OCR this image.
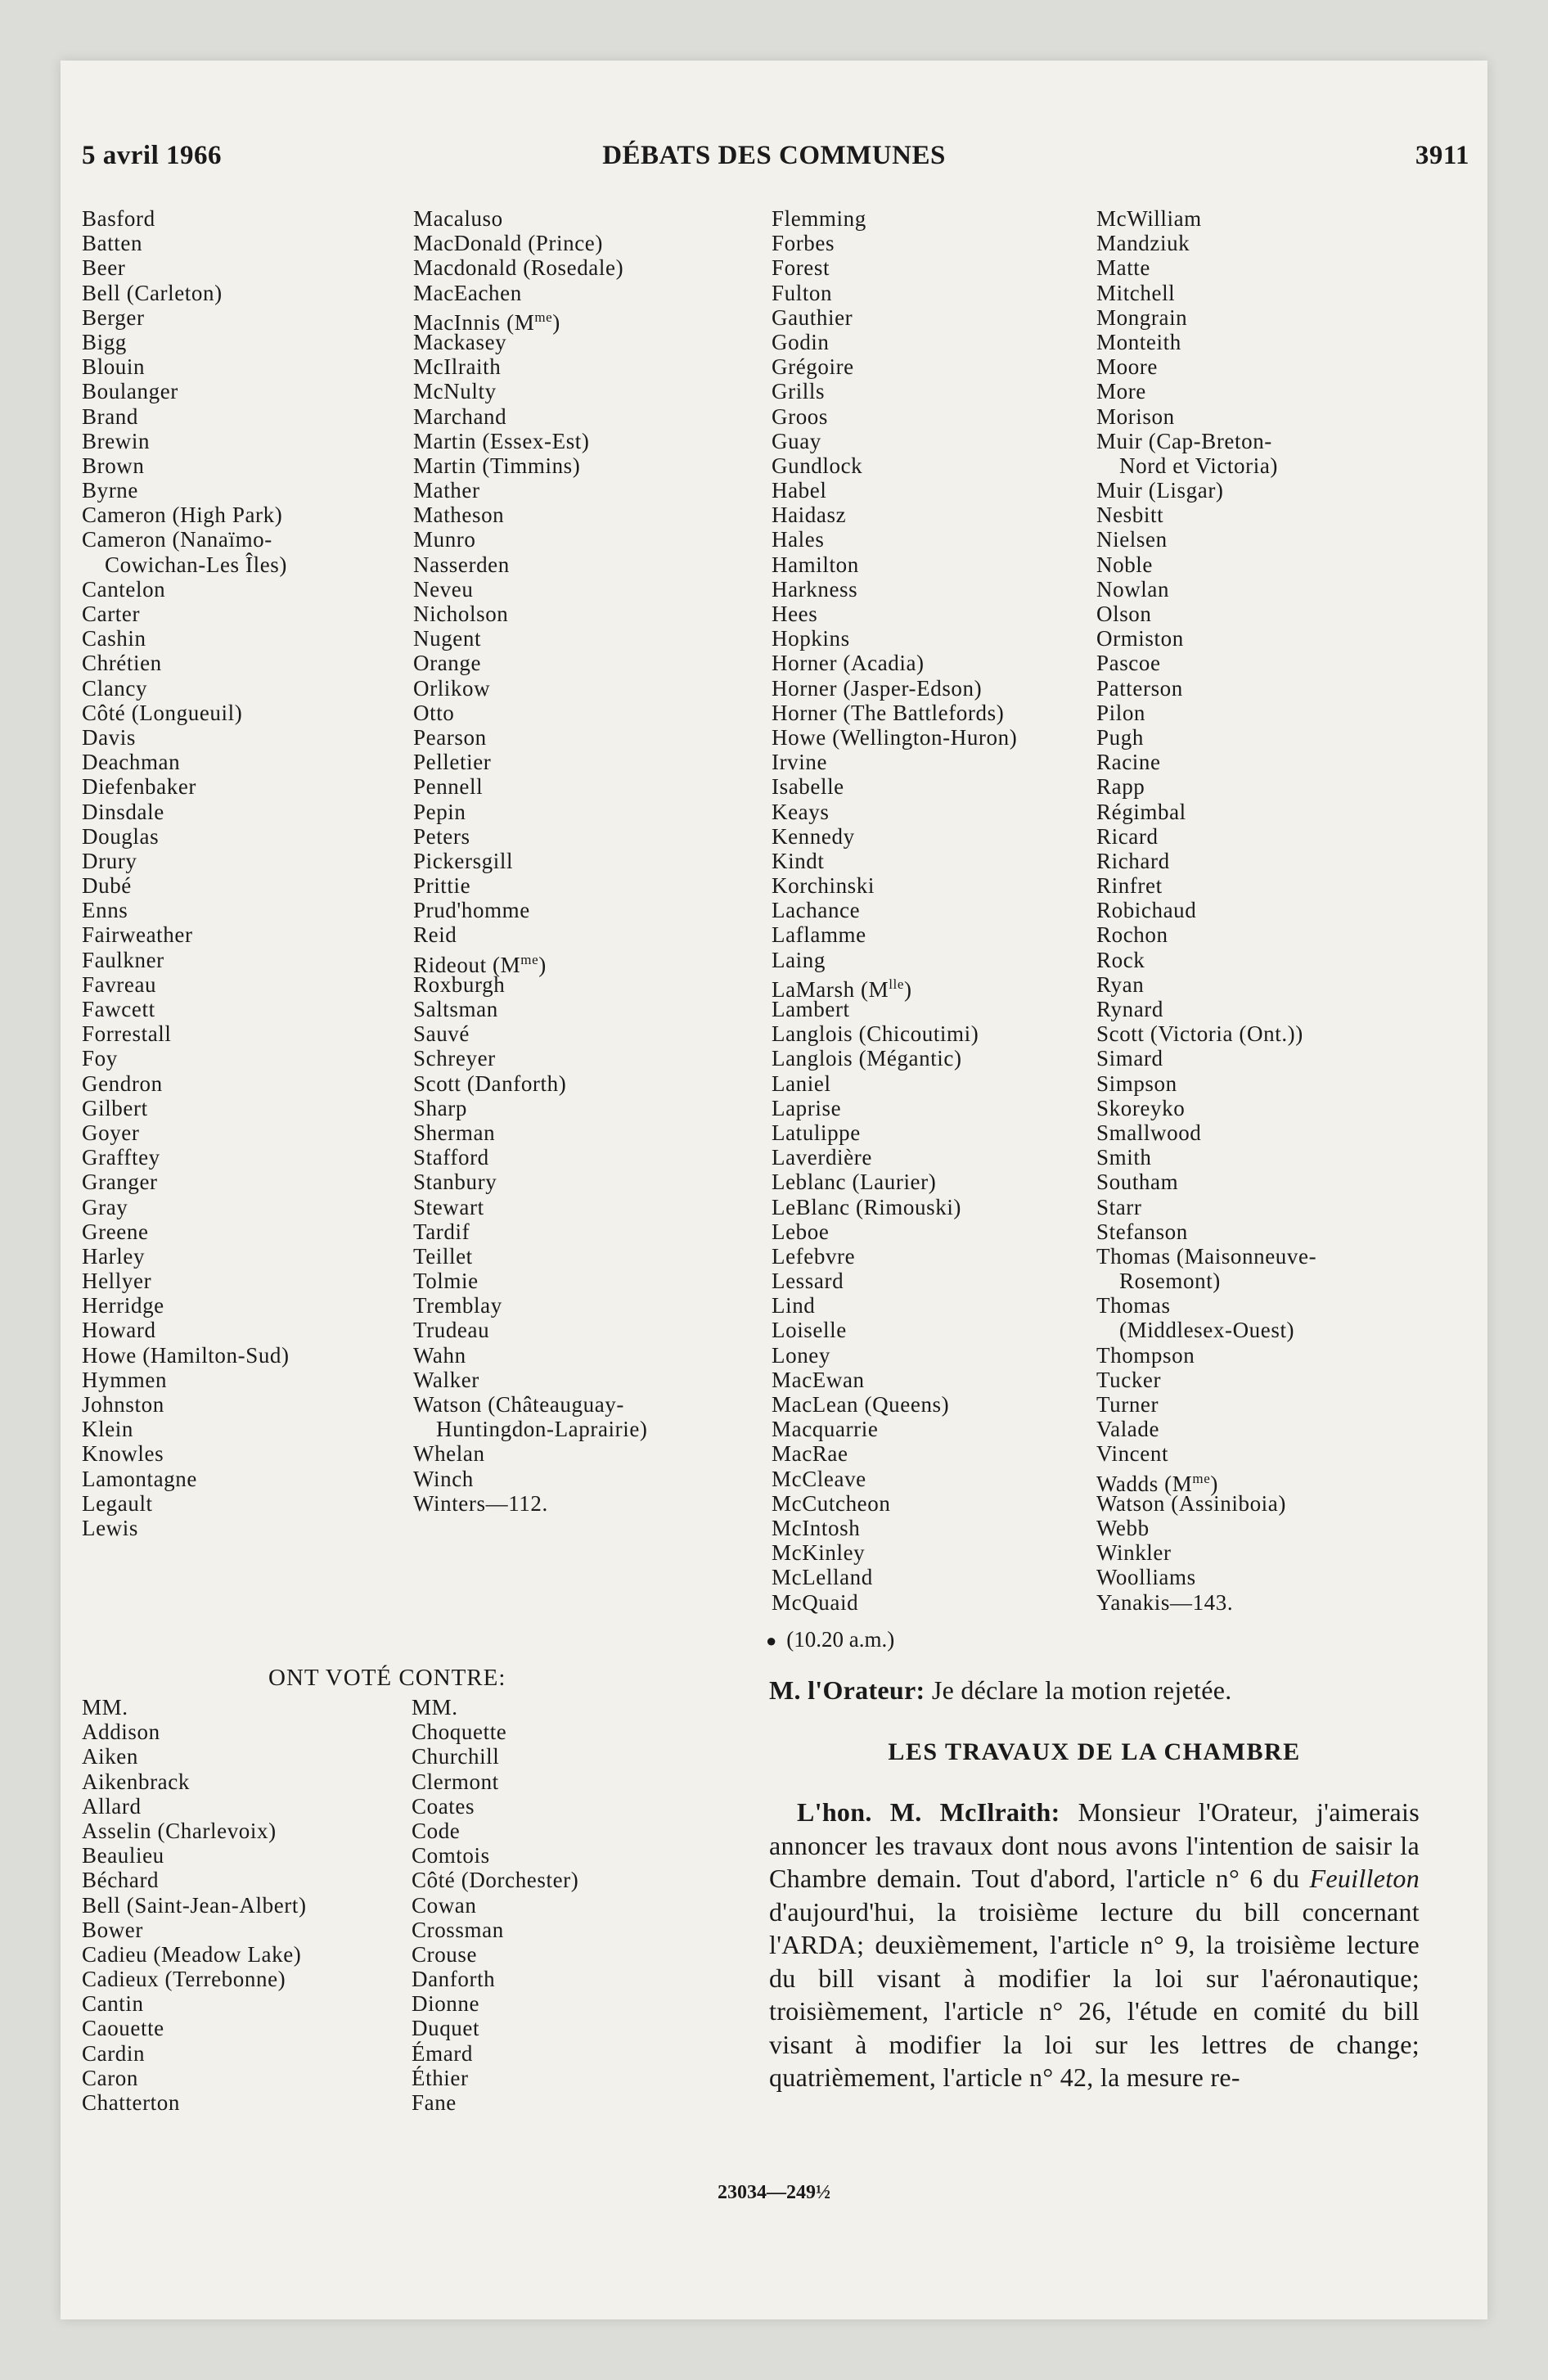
5 avril 1966	DÉBATS DES COMMUNES	3911
Basford
Batten
Beer
Bell (Carleton)
Berger
Bigg
Blouin
Boulanger
Brand
Brewin
Brown
Byrne
Cameron (High Park)
Cameron (Nanaïmo-
Cowichan-Les Îles)
Cantelon
Carter
Cashin
Chrétien
Clancy
Côté (Longueuil)
Davis
Deachman
Diefenbaker
Dinsdale
Douglas
Drury
Dubé
Enns
Fairweather
Faulkner
Favreau
Fawcett
Forrestall
Foy
Gendron
Gilbert
Goyer
Grafftey
Granger
Gray
Greene
Harley
Hellyer
Herridge
Howard
Howe (Hamilton-Sud)
Hymmen
Johnston
Klein
Knowles
Lamontagne
Legault
Lewis
Macaluso
MacDonald (Prince)
Macdonald (Rosedale)
MacEachen
MacInnis $(M^{me})$
Mackasey
McIlraith
McNulty
Marchand
Martin (Essex-Est)
Martin (Timmins)
Mather
Matheson
Munro
Nasserden
Neveu
Nicholson
Nugent
Orange
Orlikow
Otto
Pearson
Pelletier
Pennell
Pepin
Peters
Pickersgill
Prittie
Prud'homme
Reid
Rideout $(M^{me})$
Roxburgh
Saltsman
Sauvé
Schreyer
Scott (Danforth)
Sharp
Sherman
Stafford
Stanbury
Stewart
Tardif
Teillet
Tolmie
Tremblay
Trudeau
Wahn
Walker
Watson (Châteauguay-
Huntingdon-Laprairie)
Whelan
Winch
Winters—112.
Flemming
Forbes
Forest
Fulton
Gauthier
Godin
Grégoire
Grills
Groos
Guay
Gundlock
Habel
Haidasz
Hales
Hamilton
Harkness
Hees
Hopkins
Horner (Acadia)
Horner (Jasper-Edson)
Horner (The Battlefords)
Howe (Wellington-Huron)
Irvine
Isabelle
Keays
Kennedy
Kindt
Korchinski
Lachance
Laflamme
Laing
LaMarsh $(M^{lle})$
Lambert
Langlois (Chicoutimi)
Langlois (Mégantic)
Laniel
Laprise
Latulippe
Laverdière
Leblanc (Laurier)
LeBlanc (Rimouski)
Leboe
Lefebvre
Lessard
Lind
Loiselle
Loney
MacEwan
MacLean (Queens)
Macquarrie
MacRae
McCleave
McCutcheon
McIntosh
McKinley
McLelland
McQuaid
McWilliam
Mandziuk
Matte
Mitchell
Mongrain
Monteith
Moore
More
Morison
Muir (Cap-Breton-
Nord et Victoria)
Muir (Lisgar)
Nesbitt
Nielsen
Noble
Nowlan
Olson
Ormiston
Pascoe
Patterson
Pilon
Pugh
Racine
Rapp
Régimbal
Ricard
Richard
Rinfret
Robichaud
Rochon
Rock
Ryan
Rynard
Scott (Victoria (Ont.))
Simard
Simpson
Skoreyko
Smallwood
Smith
Southam
Starr
Stefanson
Thomas (Maisonneuve-
Rosemont)
Thomas
(Middlesex-Ouest)
Thompson
Tucker
Turner
Valade
Vincent
Wadds $(M^{me})$
Watson (Assiniboia)
Webb
Winkler
Woolliams
Yanakis—143.
ONT VOTÉ CONTRE:
MM.
Addison
Aiken
Aikenbrack
Allard
Asselin (Charlevoix)
Beaulieu
Béchard
Bell (Saint-Jean-Albert)
Bower
Cadieu (Meadow Lake)
Cadieux (Terrebonne)
Cantin
Caouette
Cardin
Caron
Chatterton
MM.
Choquette
Churchill
Clermont
Coates
Code
Comtois
Côté (Dorchester)
Cowan
Crossman
Crouse
Danforth
Dionne
Duquet
Émard
Éthier
Fane
● (10.20 a.m.)
M. l'Orateur: Je déclare la motion rejetée.
LES TRAVAUX DE LA CHAMBRE

L'hon. M. McIlraith: Monsieur l'Orateur, j'aimerais annoncer les travaux dont nous avons l'intention de saisir la Chambre demain. Tout d'abord, l'article n° 6 du Feuilleton d'aujourd'hui, la troisième lecture du bill concernant l'ARDA; deuxièmement, l'article n° 9, la troisième lecture du bill visant à modifier la loi sur l'aéronautique; troisièmement, l'article n° 26, l'étude en comité du bill visant à modifier la loi sur les lettres de change; quatrièmement, l'article n° 42, la mesure re-

23034—249½
